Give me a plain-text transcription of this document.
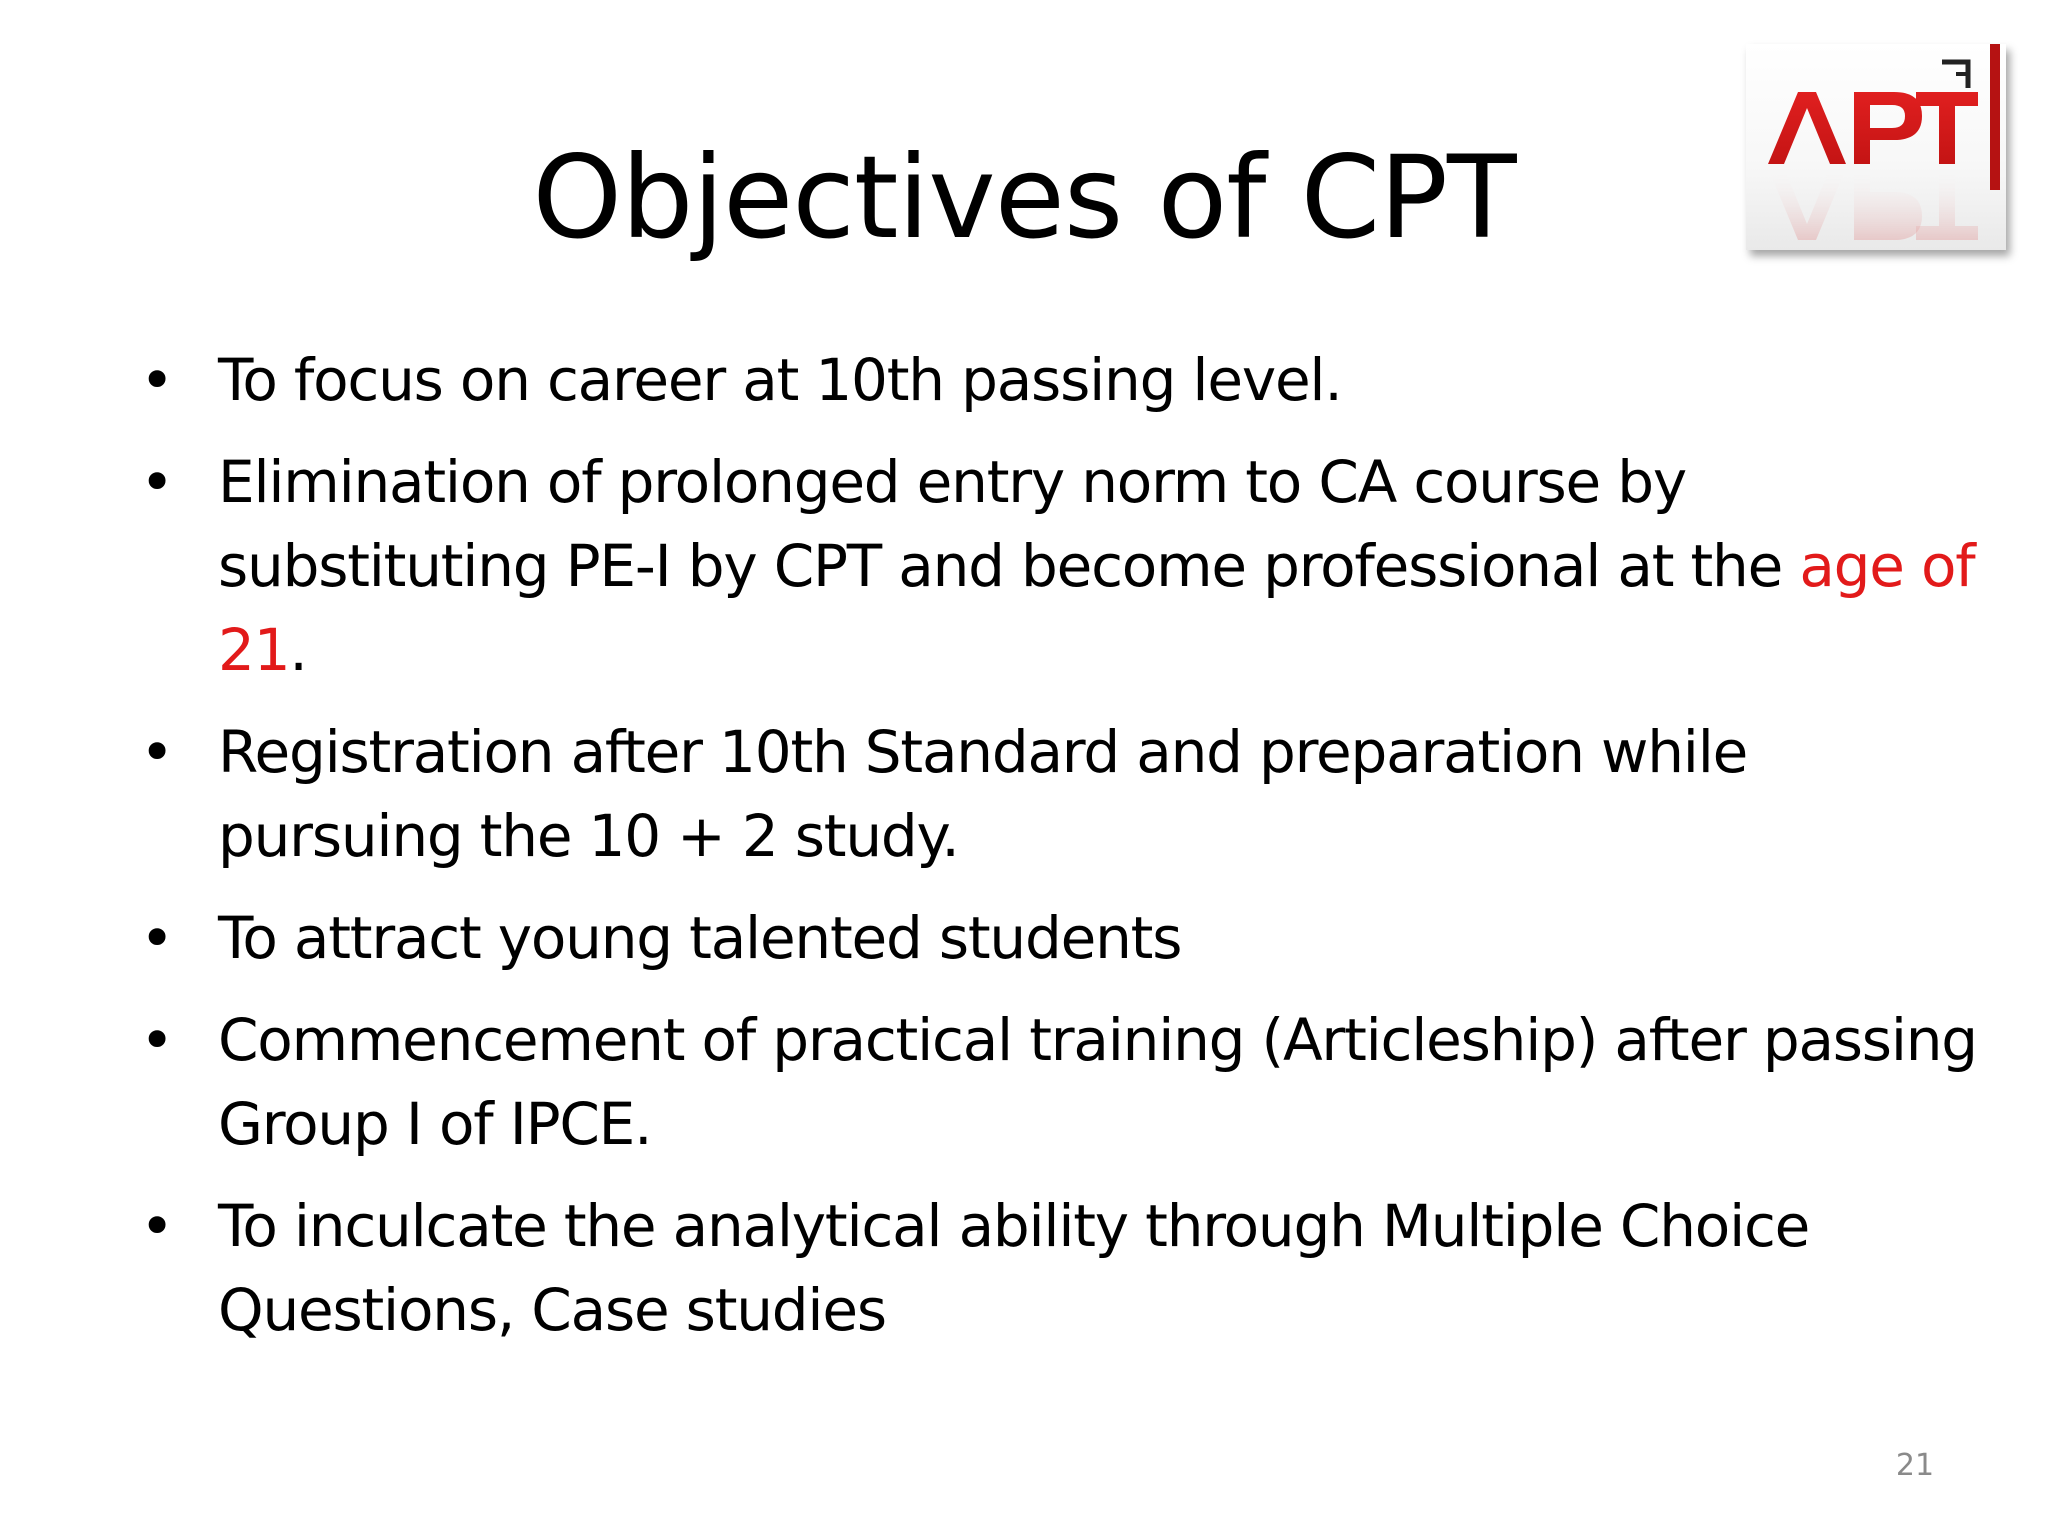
Objectives of CPT
• To focus on career at 10th passing level.
• Elimination of prolonged entry norm to CA course by substituting PE-I by CPT and become professional at the age of 21.
• Registration after 10th Standard and preparation while pursuing the 10 + 2 study.
• To attract young talented students
• Commencement of practical training (Articleship) after passing Group I of IPCE.
• To inculcate the analytical ability through Multiple Choice Questions, Case studies
21
